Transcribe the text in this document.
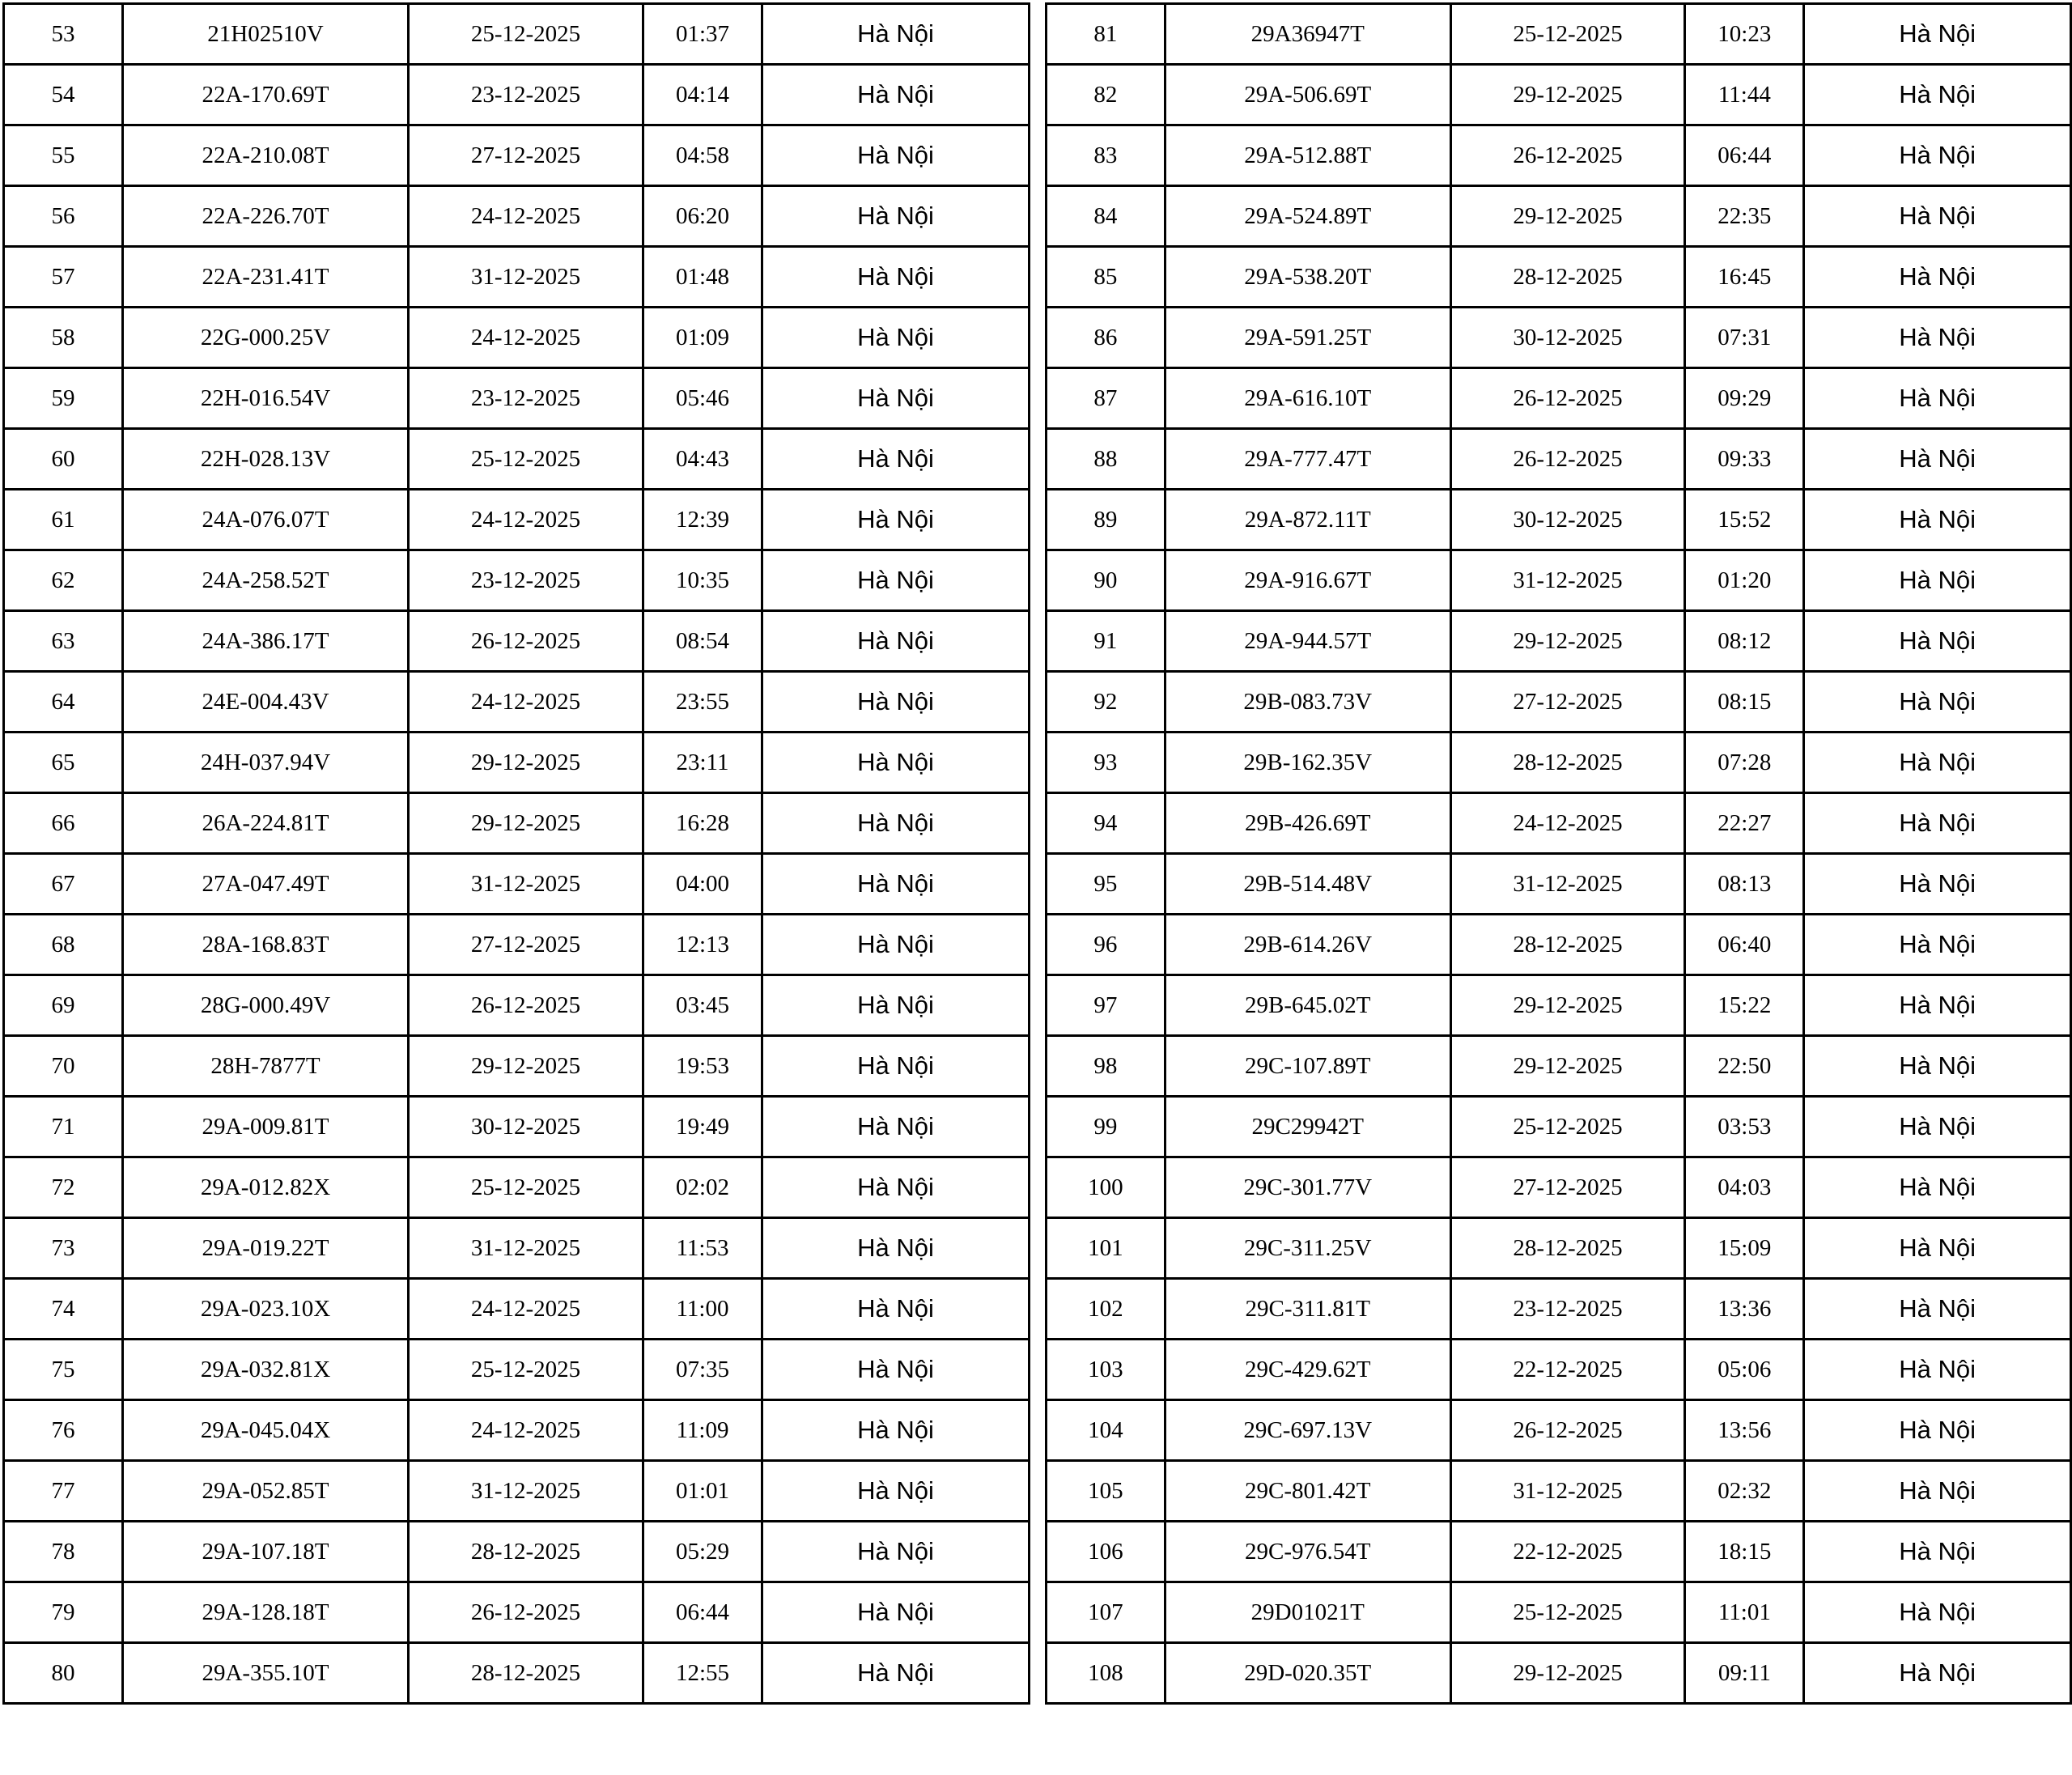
53	21H02510V	25-12-2025	01:37	Hà Nội
54	22A-170.69T	23-12-2025	04:14	Hà Nội
55	22A-210.08T	27-12-2025	04:58	Hà Nội
56	22A-226.70T	24-12-2025	06:20	Hà Nội
57	22A-231.41T	31-12-2025	01:48	Hà Nội
58	22G-000.25V	24-12-2025	01:09	Hà Nội
59	22H-016.54V	23-12-2025	05:46	Hà Nội
60	22H-028.13V	25-12-2025	04:43	Hà Nội
61	24A-076.07T	24-12-2025	12:39	Hà Nội
62	24A-258.52T	23-12-2025	10:35	Hà Nội
63	24A-386.17T	26-12-2025	08:54	Hà Nội
64	24E-004.43V	24-12-2025	23:55	Hà Nội
65	24H-037.94V	29-12-2025	23:11	Hà Nội
66	26A-224.81T	29-12-2025	16:28	Hà Nội
67	27A-047.49T	31-12-2025	04:00	Hà Nội
68	28A-168.83T	27-12-2025	12:13	Hà Nội
69	28G-000.49V	26-12-2025	03:45	Hà Nội
70	28H-7877T	29-12-2025	19:53	Hà Nội
71	29A-009.81T	30-12-2025	19:49	Hà Nội
72	29A-012.82X	25-12-2025	02:02	Hà Nội
73	29A-019.22T	31-12-2025	11:53	Hà Nội
74	29A-023.10X	24-12-2025	11:00	Hà Nội
75	29A-032.81X	25-12-2025	07:35	Hà Nội
76	29A-045.04X	24-12-2025	11:09	Hà Nội
77	29A-052.85T	31-12-2025	01:01	Hà Nội
78	29A-107.18T	28-12-2025	05:29	Hà Nội
79	29A-128.18T	26-12-2025	06:44	Hà Nội
80	29A-355.10T	28-12-2025	12:55	Hà Nội
81	29A36947T	25-12-2025	10:23	Hà Nội
82	29A-506.69T	29-12-2025	11:44	Hà Nội
83	29A-512.88T	26-12-2025	06:44	Hà Nội
84	29A-524.89T	29-12-2025	22:35	Hà Nội
85	29A-538.20T	28-12-2025	16:45	Hà Nội
86	29A-591.25T	30-12-2025	07:31	Hà Nội
87	29A-616.10T	26-12-2025	09:29	Hà Nội
88	29A-777.47T	26-12-2025	09:33	Hà Nội
89	29A-872.11T	30-12-2025	15:52	Hà Nội
90	29A-916.67T	31-12-2025	01:20	Hà Nội
91	29A-944.57T	29-12-2025	08:12	Hà Nội
92	29B-083.73V	27-12-2025	08:15	Hà Nội
93	29B-162.35V	28-12-2025	07:28	Hà Nội
94	29B-426.69T	24-12-2025	22:27	Hà Nội
95	29B-514.48V	31-12-2025	08:13	Hà Nội
96	29B-614.26V	28-12-2025	06:40	Hà Nội
97	29B-645.02T	29-12-2025	15:22	Hà Nội
98	29C-107.89T	29-12-2025	22:50	Hà Nội
99	29C29942T	25-12-2025	03:53	Hà Nội
100	29C-301.77V	27-12-2025	04:03	Hà Nội
101	29C-311.25V	28-12-2025	15:09	Hà Nội
102	29C-311.81T	23-12-2025	13:36	Hà Nội
103	29C-429.62T	22-12-2025	05:06	Hà Nội
104	29C-697.13V	26-12-2025	13:56	Hà Nội
105	29C-801.42T	31-12-2025	02:32	Hà Nội
106	29C-976.54T	22-12-2025	18:15	Hà Nội
107	29D01021T	25-12-2025	11:01	Hà Nội
108	29D-020.35T	29-12-2025	09:11	Hà Nội
